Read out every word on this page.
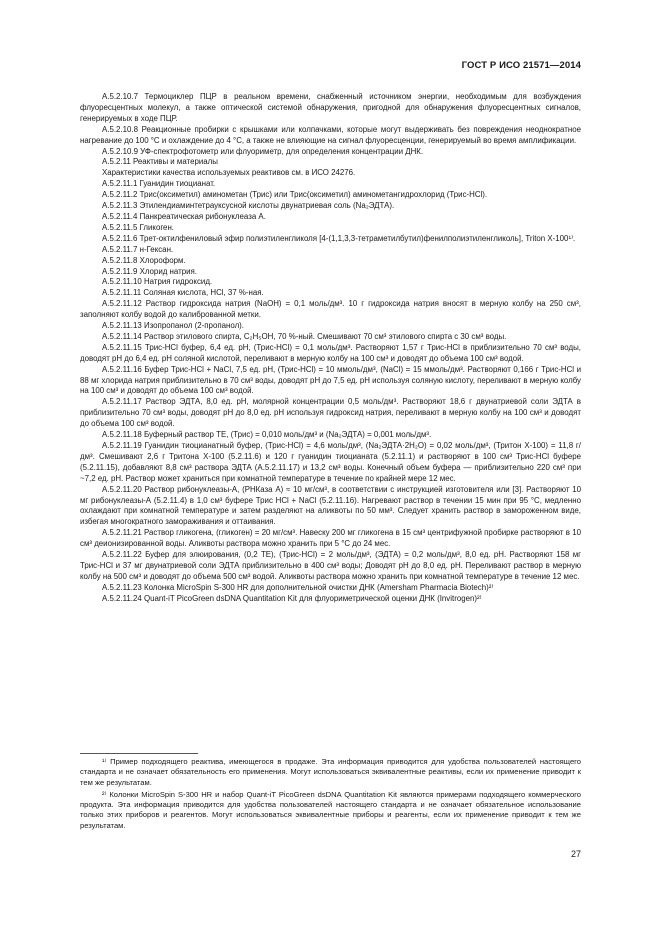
ГОСТ Р ИСО 21571—2014

А.5.2.10.7 Термоциклер ПЦР в реальном времени, снабженный источником энергии, необходимым для возбуждения флуоресцентных молекул, а также оптической системой обнаружения, пригодной для обнаружения флуоресцентных сигналов, генерируемых в ходе ПЦР.

А.5.2.10.8 Реакционные пробирки с крышками или колпачками, которые могут выдерживать без повреждения неоднократное нагревание до 100 °С и охлаждение до 4 °С, а также не влияющие на сигнал флуоресценции, генерируемый во время амплификации.

А.5.2.10.9 УФ-спектрофотометр или флуориметр, для определения концентрации ДНК.

А.5.2.11 Реактивы и материалы

Характеристики качества используемых реактивов см. в ИСО 24276.

А.5.2.11.1 Гуанидин тиоцианат.

А.5.2.11.2 Трис(оксиметил) аминометан (Трис) или Трис(оксиметил) аминометангидрохлорид (Трис-HCl).

А.5.2.11.3 Этилендиаминтетрауксусной кислоты двунатриевая соль (Na₂ЭДТА).

А.5.2.11.4 Панкреатическая рибонуклеаза А.

А.5.2.11.5 Гликоген.

А.5.2.11.6 Трет-октилфениловый эфир полиэтиленгликоля [4-(1,1,3,3-тетраметилбутил)фенилполиэтиленгликоль], Triton X-100¹⁾.

А.5.2.11.7 н-Гексан.

А.5.2.11.8 Хлороформ.

А.5.2.11.9 Хлорид натрия.

А.5.2.11.10 Натрия гидроксид.

А.5.2.11.11 Соляная кислота, HCl, 37 %-ная.

А.5.2.11.12 Раствор гидроксида натрия (NaOH) = 0,1 моль/дм³. 10 г гидроксида натрия вносят в мерную колбу на 250 см³, заполняют колбу водой до калиброванной метки.

А.5.2.11.13 Изопропанол (2-пропанол).

А.5.2.11.14 Раствор этилового спирта, C₂H₅OH, 70 %-ный. Смешивают 70 см³ этилового спирта с 30 см³ воды.

А.5.2.11.15 Трис-HCl буфер, 6,4 ед. pH, (Трис-HCl) = 0,1 моль/дм³. Растворяют 1,57 г Трис-HCl в приблизительно 70 см³ воды, доводят pH до 6,4 ед. pH соляной кислотой, переливают в мерную колбу на 100 см³ и доводят до объема 100 см³ водой.

А.5.2.11.16 Буфер Трис-HCl + NaCl, 7,5 ед. pH, (Трис-HCl) = 10 ммоль/дм³, (NaCl) = 15 ммоль/дм³. Растворяют 0,166 г Трис-HCl и 88 мг хлорида натрия приблизительно в 70 см³ воды, доводят pH до 7,5 ед. pH используя соляную кислоту, переливают в мерную колбу на 100 см³ и доводят до объема 100 см³ водой.

А.5.2.11.17 Раствор ЭДТА, 8,0 ед. pH, молярной концентрации 0,5 моль/дм³. Растворяют 18,6 г двунатриевой соли ЭДТА в приблизительно 70 см³ воды, доводят pH до 8,0 ед. pH используя гидроксид натрия, переливают в мерную колбу на 100 см³ и доводят до объема 100 см³ водой.

А.5.2.11.18 Буферный раствор ТЕ, (Трис) = 0,010 моль/дм³ и (Na₂ЭДТА) = 0,001 моль/дм³.

А.5.2.11.19 Гуанидин тиоцианатный буфер, (Трис-HCl) = 4,6 моль/дм³, (Na₂ЭДТА·2H₂O) = 0,02 моль/дм³, (Тритон X-100) = 11,8 г/дм³. Смешивают 2,6 г Тритона X-100 (5.2.11.6) и 120 г гуанидин тиоцианата (5.2.11.1) и растворяют в 100 см³ Трис-HCl буфере (5.2.11.15), добавляют 8,8 см³ раствора ЭДТА (А.5.2.11.17) и 13,2 см³ воды. Конечный объем буфера — приблизительно 220 см³ при ~7,2 ед. pH. Раствор может храниться при комнатной температуре в течение по крайней мере 12 мес.

А.5.2.11.20 Раствор рибонуклеазы-А, (РНКаза А) ≈ 10 мг/см³, в соответствии с инструкцией изготовителя или [3]. Растворяют 10 мг рибонуклеазы-А (5.2.11.4) в 1,0 см³ буфере Трис HCl + NaCl (5.2.11.16). Нагревают раствор в течении 15 мин при 95 °С, медленно охлаждают при комнатной температуре и затем разделяют на аликвоты по 50 мм³. Следует хранить раствор в замороженном виде, избегая многократного замораживания и оттаивания.

А.5.2.11.21 Раствор гликогена, (гликоген) = 20 мг/см³. Навеску 200 мг гликогена в 15 см³ центрифужной пробирке растворяют в 10 см³ деионизированной воды. Аликвоты раствора можно хранить при 5 °С до 24 мес.

А.5.2.11.22 Буфер для элюирования, (0,2 ТЕ), (Трис-HCl) = 2 моль/дм³, (ЭДТА) = 0,2 моль/дм³, 8,0 ед. pH. Растворяют 158 мг Трис-HCl и 37 мг двунатриевой соли ЭДТА приблизительно в 400 см³ воды; Доводят pH до 8,0 ед. pH. Переливают раствор в мерную колбу на 500 см³ и доводят до объема 500 см³ водой. Аликвоты раствора можно хранить при комнатной температуре в течение 12 мес.

А.5.2.11.23 Колонка MicroSpin S-300 HR для дополнительной очистки ДНК (Amersham Pharmacia Biotech)²⁾

А.5.2.11.24 Quant-iT PicoGreen dsDNA Quantitation Kit для флуориметрической оценки ДНК (Invitrogen)²⁾

¹⁾ Пример подходящего реактива, имеющегося в продаже. Эта информация приводится для удобства пользователей настоящего стандарта и не означает обязательность его применения. Могут использоваться эквивалентные реактивы, если их применение приводит к тем же результатам.

²⁾ Колонки MicroSpin S-300 HR и набор Quant-iT PicoGreen dsDNA Quantitation Kit являются примерами подходящего коммерческого продукта. Эта информация приводится для удобства пользователей настоящего стандарта и не означает обязательное использование только этих приборов и реагентов. Могут использоваться эквивалентные приборы и реагенты, если их применение приводит к тем же результатам.

27
